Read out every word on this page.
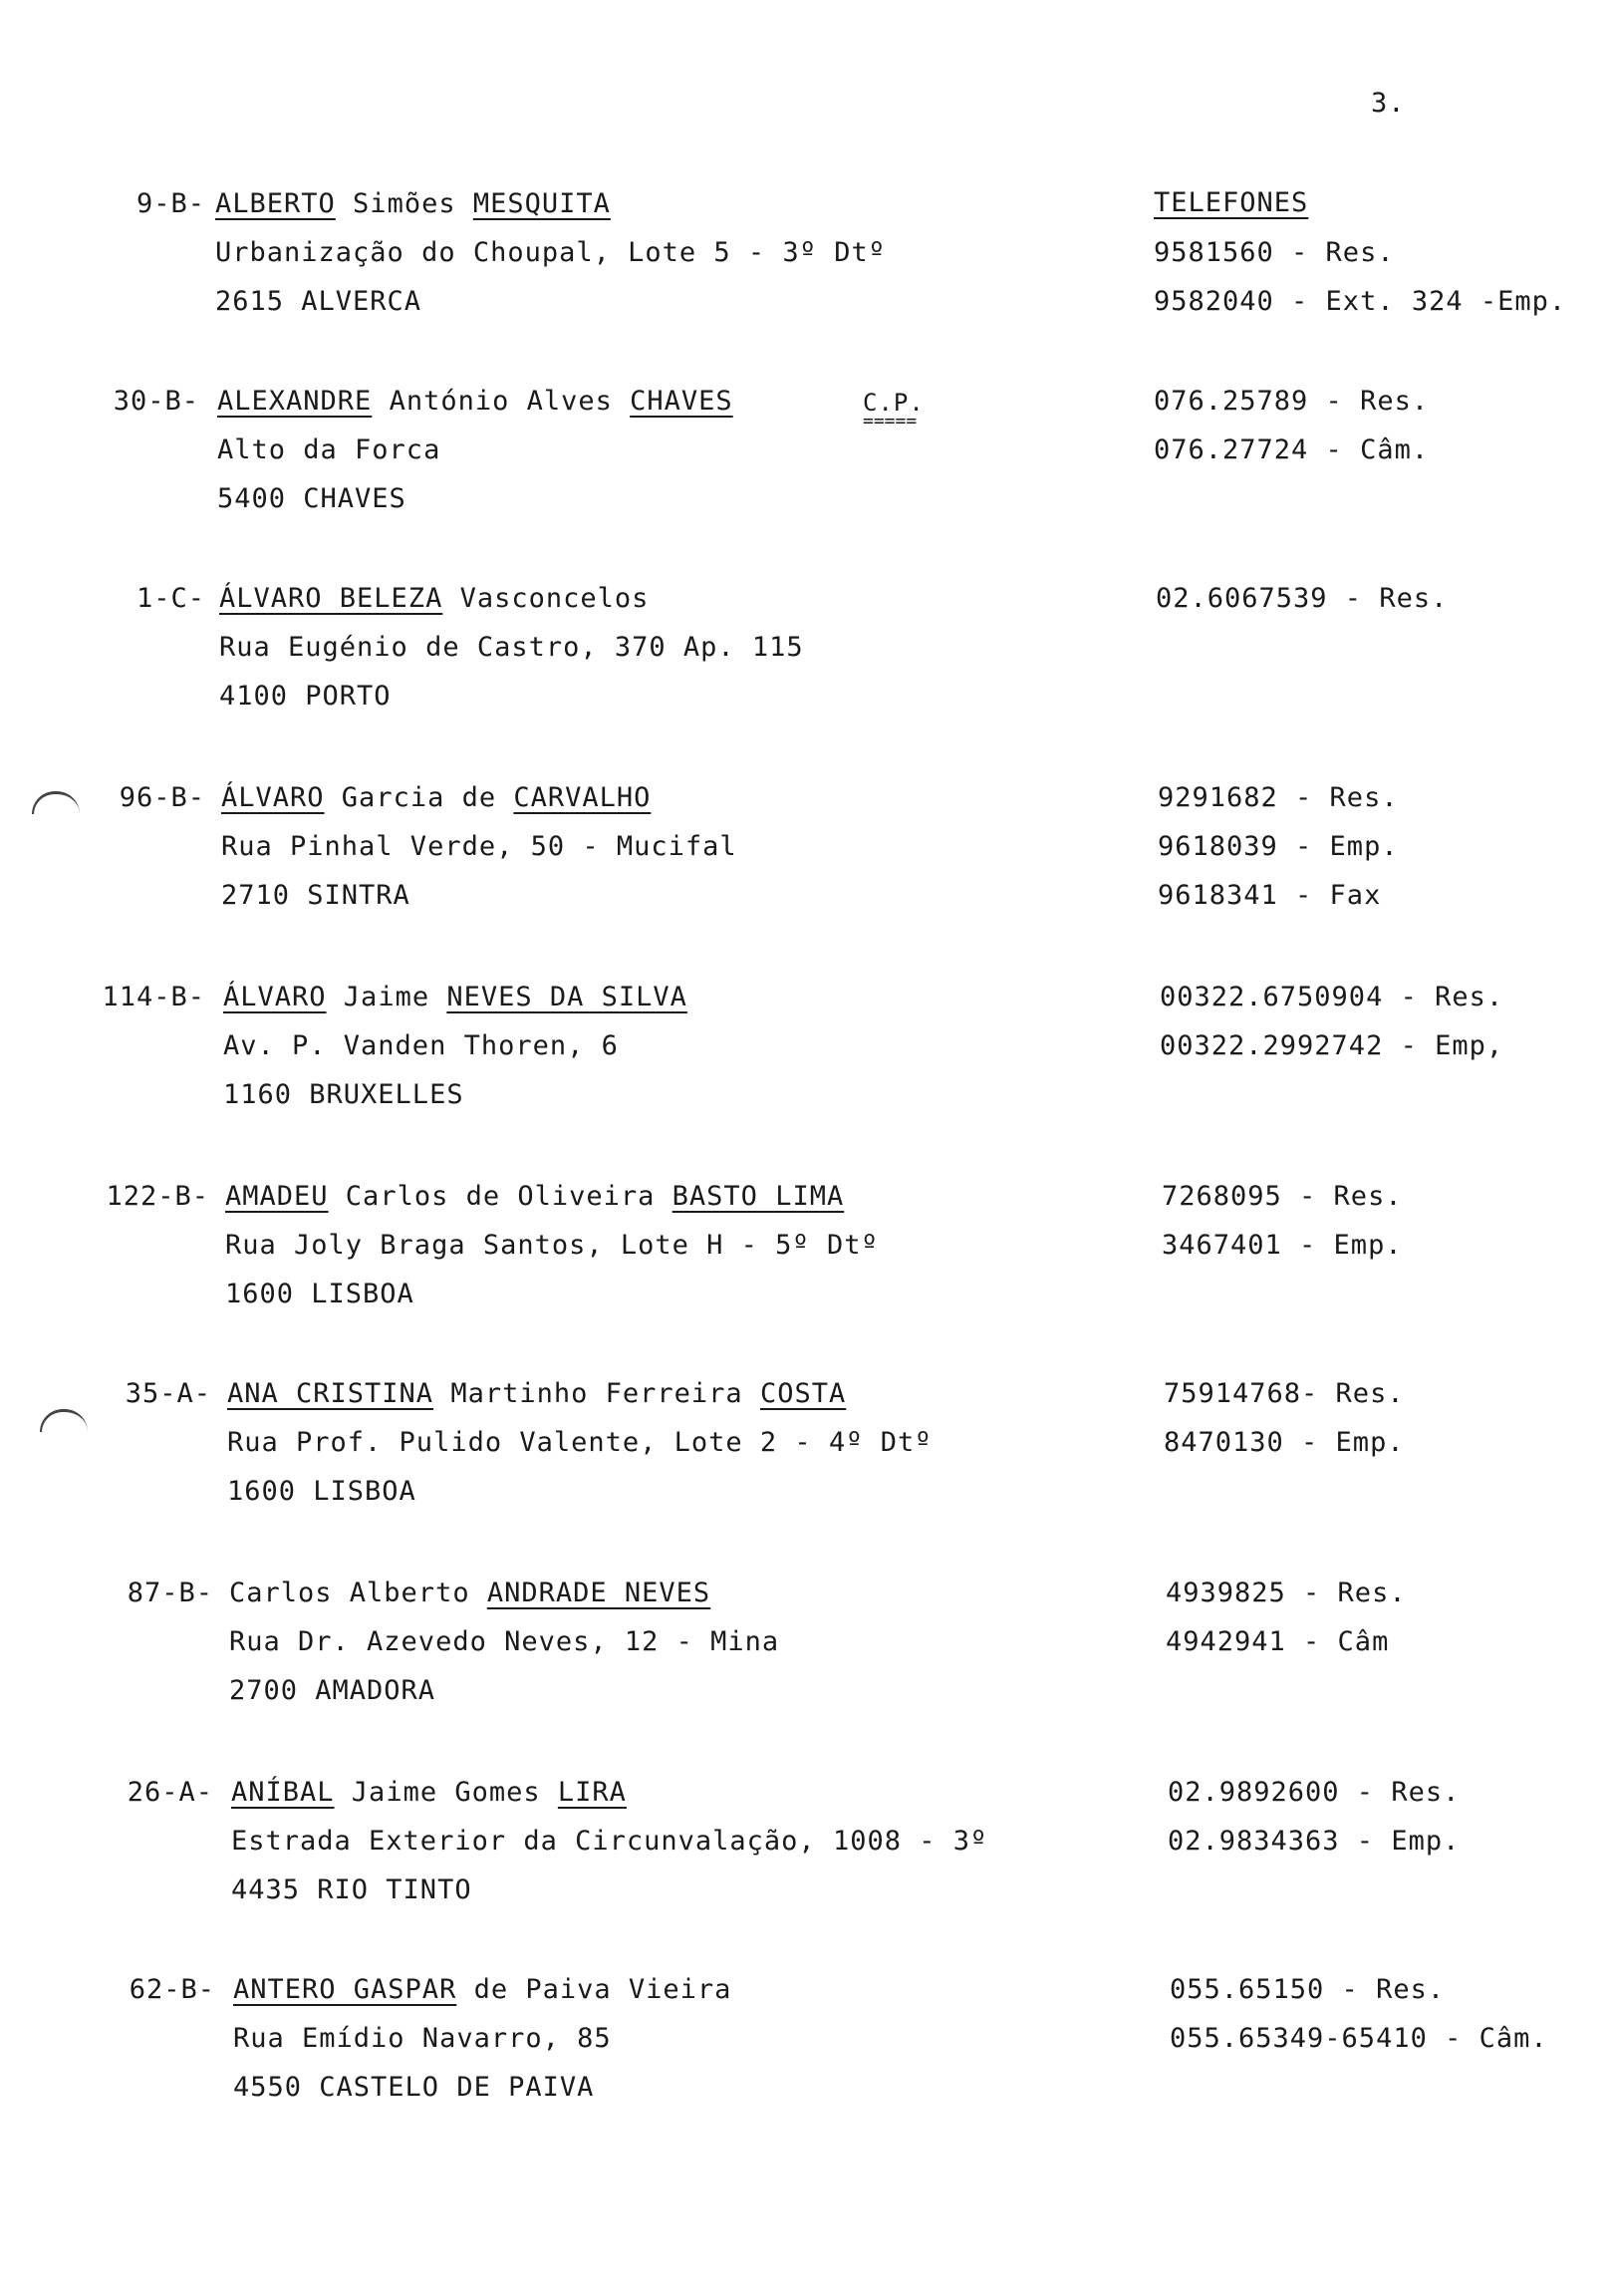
3.
TELEFONES
C.P.
=====
9-B- ALBERTO Simões MESQUITA
Urbanização do Choupal, Lote 5 - 3º Dtº
2615 ALVERCA
9581560 - Res.
9582040 - Ext. 324 -Emp.
30-B- ALEXANDRE António Alves CHAVES
Alto da Forca
5400 CHAVES
076.25789 - Res.
076.27724 - Câm.
1-C- ÁLVARO BELEZA Vasconcelos
Rua Eugénio de Castro, 370 Ap. 115
4100 PORTO
02.6067539 - Res.
96-B- ÁLVARO Garcia de CARVALHO
Rua Pinhal Verde, 50 - Mucifal
2710 SINTRA
9291682 - Res.
9618039 - Emp.
9618341 - Fax
114-B- ÁLVARO Jaime NEVES DA SILVA
Av. P. Vanden Thoren, 6
1160 BRUXELLES
00322.6750904 - Res.
00322.2992742 - Emp,
122-B- AMADEU Carlos de Oliveira BASTO LIMA
Rua Joly Braga Santos, Lote H - 5º Dtº
1600 LISBOA
7268095 - Res.
3467401 - Emp.
35-A- ANA CRISTINA Martinho Ferreira COSTA
Rua Prof. Pulido Valente, Lote 2 - 4º Dtº
1600 LISBOA
75914768- Res.
8470130 - Emp.
87-B- Carlos Alberto ANDRADE NEVES
Rua Dr. Azevedo Neves, 12 - Mina
2700 AMADORA
4939825 - Res.
4942941 - Câm
26-A- ANÍBAL Jaime Gomes LIRA
Estrada Exterior da Circunvalação, 1008 - 3º
4435 RIO TINTO
02.9892600 - Res.
02.9834363 - Emp.
62-B- ANTERO GASPAR de Paiva Vieira
Rua Emídio Navarro, 85
4550 CASTELO DE PAIVA
055.65150 - Res.
055.65349-65410 - Câm.
